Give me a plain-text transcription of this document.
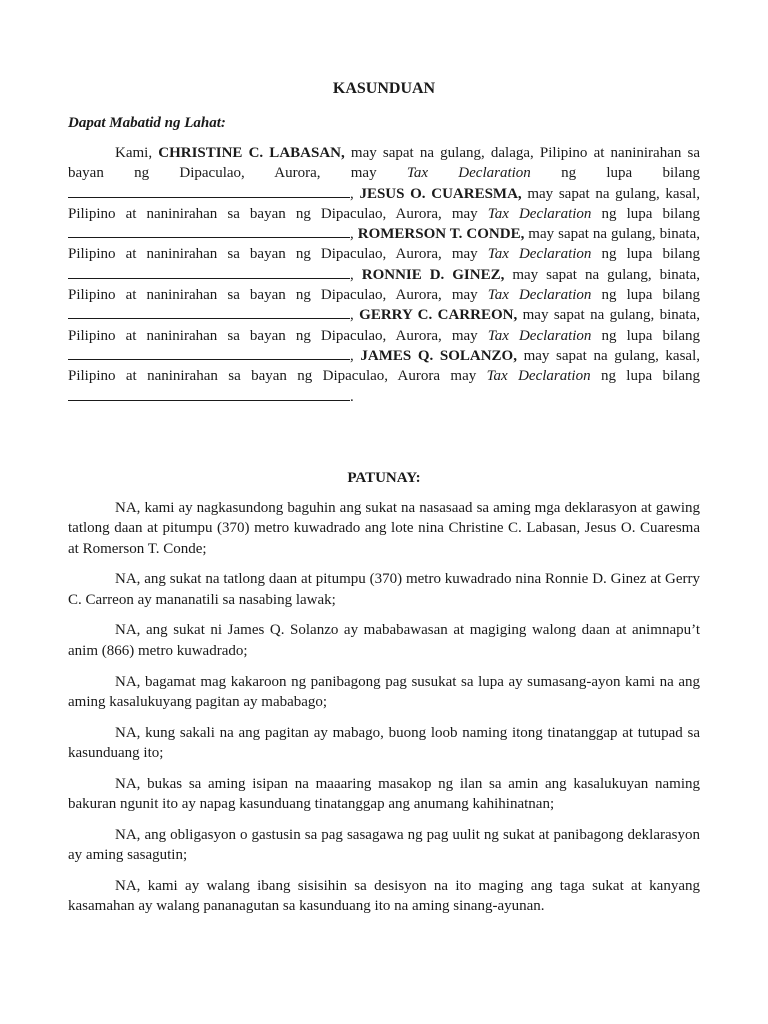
KASUNDUAN

Dapat Mabatid ng Lahat:

Kami, CHRISTINE C. LABASAN, may sapat na gulang, dalaga, Pilipino at naninirahan sa bayan ng Dipaculao, Aurora, may Tax Declaration ng lupa bilang , JESUS O. CUARESMA, may sapat na gulang, kasal, Pilipino at naninirahan sa bayan ng Dipaculao, Aurora, may Tax Declaration ng lupa bilang , ROMERSON T. CONDE, may sapat na gulang, binata, Pilipino at naninirahan sa bayan ng Dipaculao, Aurora, may Tax Declaration ng lupa bilang , RONNIE D. GINEZ, may sapat na gulang, binata, Pilipino at naninirahan sa bayan ng Dipaculao, Aurora, may Tax Declaration ng lupa bilang , GERRY C. CARREON, may sapat na gulang, binata, Pilipino at naninirahan sa bayan ng Dipaculao, Aurora, may Tax Declaration ng lupa bilang , JAMES Q. SOLANZO, may sapat na gulang, kasal, Pilipino at naninirahan sa bayan ng Dipaculao, Aurora may Tax Declaration ng lupa bilang .

PATUNAY:

NA, kami ay nagkasundong baguhin ang sukat na nasasaad sa aming mga deklarasyon at gawing tatlong daan at pitumpu (370) metro kuwadrado ang lote nina Christine C. Labasan, Jesus O. Cuaresma at Romerson T. Conde;

NA, ang sukat na tatlong daan at pitumpu (370) metro kuwadrado nina Ronnie D. Ginez at Gerry C. Carreon ay mananatili sa nasabing lawak;

NA, ang sukat ni James Q. Solanzo ay mababawasan at magiging walong daan at animnapu’t anim (866) metro kuwadrado;

NA, bagamat mag kakaroon ng panibagong pag susukat sa lupa ay sumasang-ayon kami na ang aming kasalukuyang pagitan ay mababago;

NA, kung sakali na ang pagitan ay mabago, buong loob naming itong tinatanggap at tutupad sa kasunduang ito;

NA, bukas sa aming isipan na maaaring masakop ng ilan sa amin ang kasalukuyan naming bakuran ngunit ito ay napag kasunduang tinatanggap ang anumang kahihinatnan;

NA, ang obligasyon o gastusin sa pag sasagawa ng pag uulit ng sukat at panibagong deklarasyon ay aming sasagutin;

NA, kami ay walang ibang sisisihin sa desisyon na ito maging ang taga sukat at kanyang kasamahan ay walang pananagutan sa kasunduang ito na aming sinang-ayunan.
